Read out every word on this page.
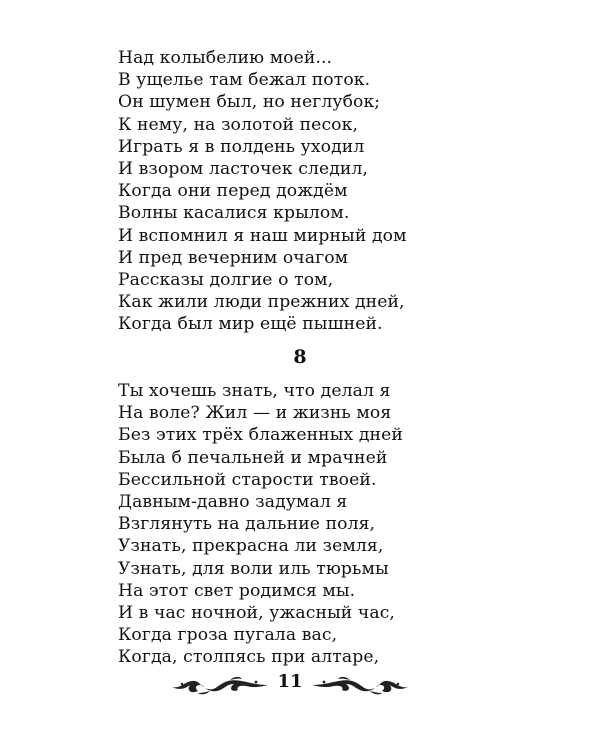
Над колыбелию моей...
В ущелье там бежал поток.
Он шумен был, но неглубок;
К нему, на золотой песок,
Играть я в полдень уходил
И взором ласточек следил,
Когда они перед дождём
Волны касалися крылом.
И вспомнил я наш мирный дом
И пред вечерним очагом
Рассказы долгие о том,
Как жили люди прежних дней,
Когда был мир ещё пышней.
8
Ты хочешь знать, что делал я
На воле? Жил — и жизнь моя
Без этих трёх блаженных дней
Была б печальней и мрачней
Бессильной старости твоей.
Давным-давно задумал я
Взглянуть на дальние поля,
Узнать, прекрасна ли земля,
Узнать, для воли иль тюрьмы
На этот свет родимся мы.
И в час ночной, ужасный час,
Когда гроза пугала вас,
Когда, столпясь при алтаре,
11
